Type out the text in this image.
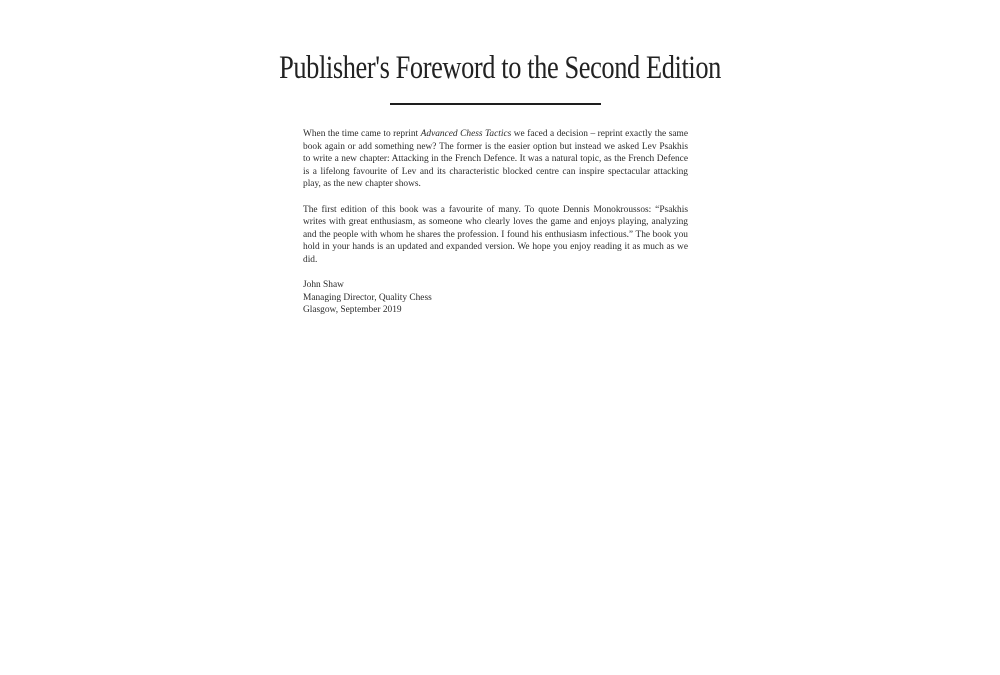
Publisher's Foreword to the Second Edition

When the time came to reprint Advanced Chess Tactics we faced a decision – reprint exactly the same book again or add something new? The former is the easier option but instead we asked Lev Psakhis to write a new chapter: Attacking in the French Defence. It was a natural topic, as the French Defence is a lifelong favourite of Lev and its characteristic blocked centre can inspire spectacular attacking play, as the new chapter shows.

The first edition of this book was a favourite of many. To quote Dennis Monokroussos: “Psakhis writes with great enthusiasm, as someone who clearly loves the game and enjoys playing, analyzing and the people with whom he shares the profession. I found his enthusiasm infectious.” The book you hold in your hands is an updated and expanded version. We hope you enjoy reading it as much as we did.

John Shaw
Managing Director, Quality Chess
Glasgow, September 2019
